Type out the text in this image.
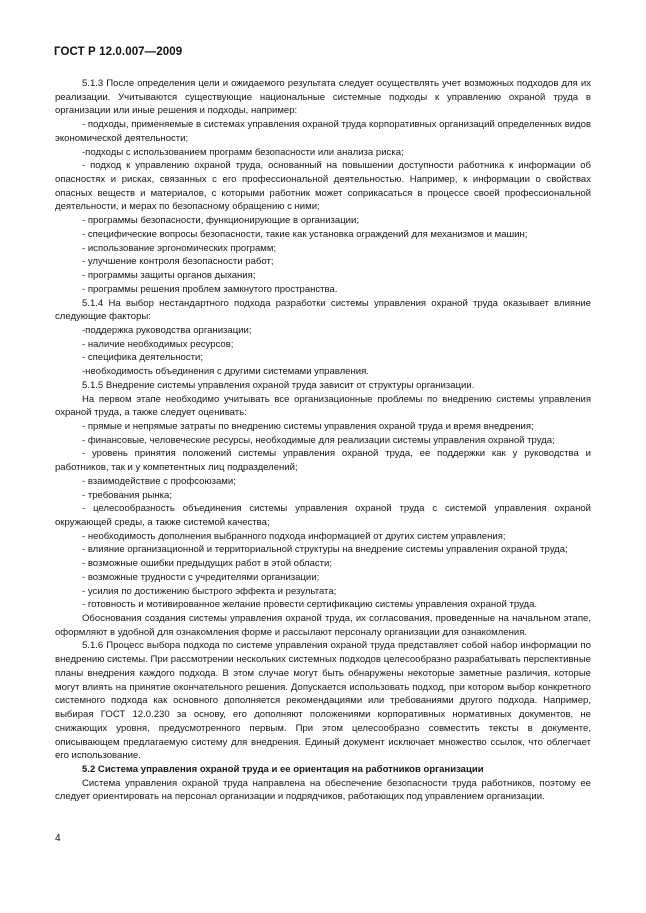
ГОСТ Р 12.0.007—2009

5.1.3 После определения цели и ожидаемого результата следует осуществлять учет возможных подходов для их реализации. Учитываются существующие национальные системные подходы к управлению охраной труда в организации или иные решения и подходы, например:

- подходы, применяемые в системах управления охраной труда корпоративных организаций определенных видов экономической деятельности;

-подходы с использованием программ безопасности или анализа риска;

- подход к управлению охраной труда, основанный на повышении доступности работника к информации об опасностях и рисках, связанных с его профессиональной деятельностью. Например, к информации о свойствах опасных веществ и материалов, с которыми работник может соприкасаться в процессе своей профессиональной деятельности, и мерах по безопасному обращению с ними;

- программы безопасности, функционирующие в организации;

- специфические вопросы безопасности, такие как установка ограждений для механизмов и машин;

- использование эргономических программ;

- улучшение контроля безопасности работ;

- программы защиты органов дыхания;

- программы решения проблем замкнутого пространства.

5.1.4 На выбор нестандартного подхода разработки системы управления охраной труда оказывает влияние следующие факторы:

-поддержка руководства организации;

- наличие необходимых ресурсов;

- специфика деятельности;

-необходимость объединения с другими системами управления.

5.1.5 Внедрение системы управления охраной труда зависит от структуры организации.

На первом этапе необходимо учитывать все организационные проблемы по внедрению системы управления охраной труда, а также следует оценивать:

- прямые и непрямые затраты по внедрению системы управления охраной труда и время внедрения;

- финансовые, человеческие ресурсы, необходимые для реализации системы управления охраной труда;

- уровень принятия положений системы управления охраной труда, ее поддержки как у руководства и работников, так и у компетентных лиц подразделений;

- взаимодействие с профсоюзами;

- требования рынка;

- целесообразность объединения системы управления охраной труда с системой управления охраной окружающей среды, а также системой качества;

- необходимость дополнения выбранного подхода информацией от других систем управления;

- влияние организационной и территориальной структуры на внедрение системы управления охраной труда;

- возможные ошибки предыдущих работ в этой области;

- возможные трудности с учредителями организации;

- усилия по достижению быстрого эффекта и результата;

- готовность и мотивированное желание провести сертификацию системы управления охраной труда.

Обоснования создания системы управления охраной труда, их согласования, проведенные на начальном этапе, оформляют в удобной для ознакомления форме и рассылают персоналу организации для ознакомления.

5.1.6 Процесс выбора подхода по системе управления охраной труда представляет собой набор информации по внедрению системы. При рассмотрении нескольких системных подходов целесообразно разрабатывать перспективные планы внедрения каждого подхода. В этом случае могут быть обнаружены некоторые заметные различия, которые могут влиять на принятие окончательного решения. Допускается использовать подход, при котором выбор конкретного системного подхода как основного дополняется рекомендациями или требованиями другого подхода. Например, выбирая ГОСТ 12.0.230 за основу, его дополняют положениями корпоративных нормативных документов, не снижающих уровня, предусмотренного первым. При этом целесообразно совместить тексты в документе, описывающем предлагаемую систему для внедрения. Единый документ исключает множество ссылок, что облегчает его использование.

5.2 Система управления охраной труда и ее ориентация на работников организации

Система управления охраной труда направлена на обеспечение безопасности труда работников, поэтому ее следует ориентировать на персонал организации и подрядчиков, работающих под управлением организации.

4
